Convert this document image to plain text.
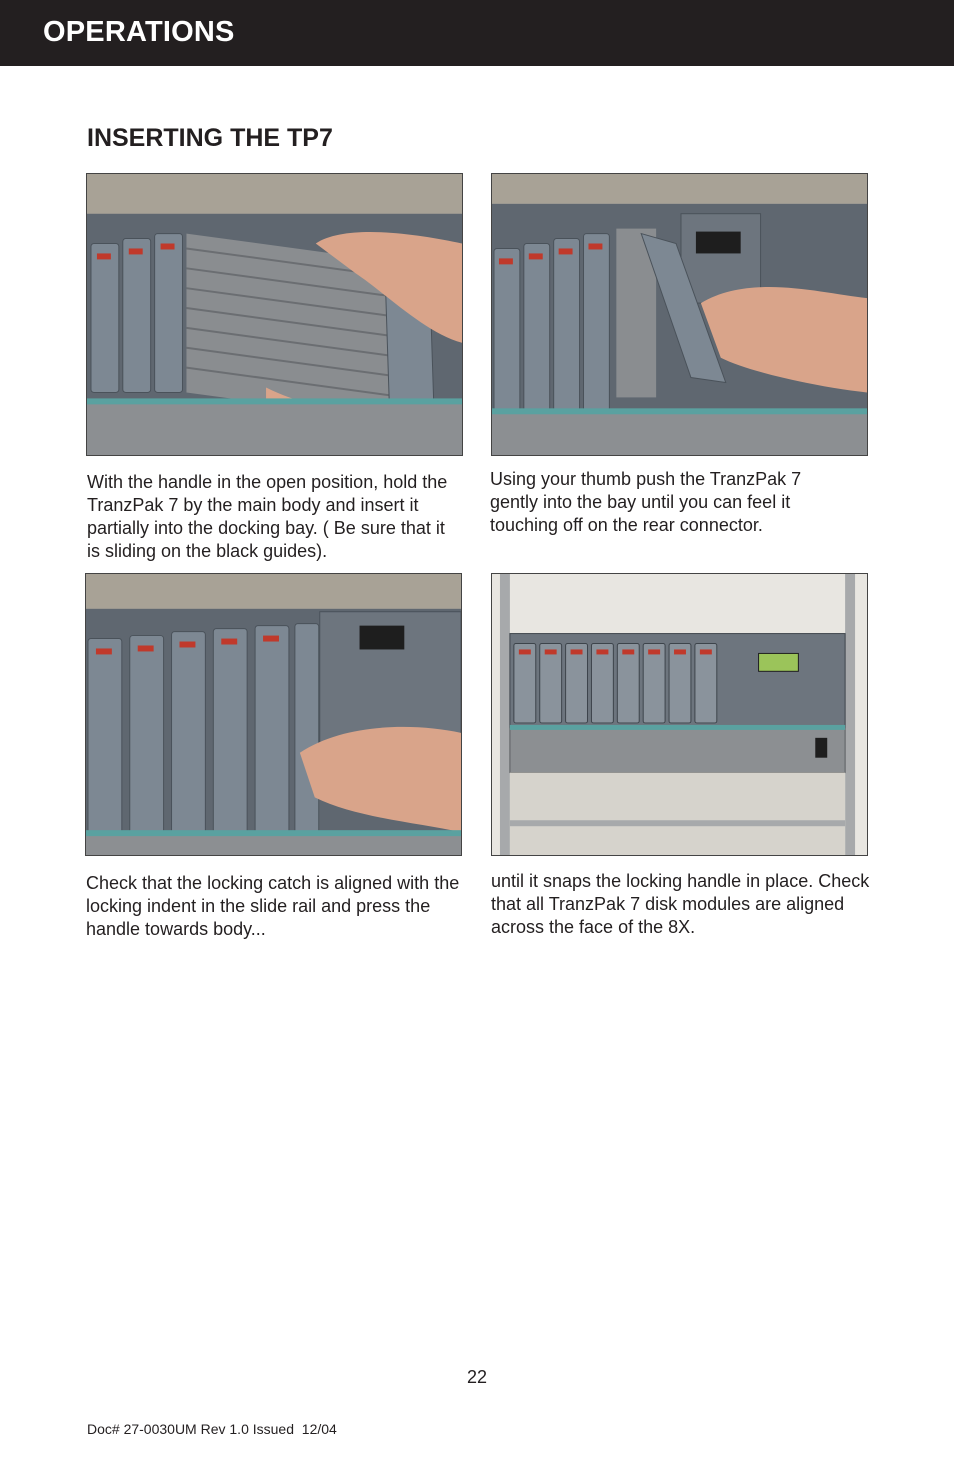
OPERATIONS
INSERTING THE TP7
With the handle in the open position, hold the TranzPak 7 by the main body and insert it partially into the docking bay. ( Be sure that it is sliding on the black guides).
Using your thumb push the TranzPak 7 gently into the bay until you can feel it touching off on the rear connector.
Check that the locking catch is aligned with the locking indent in the slide rail and press the handle towards body...
until it snaps the locking handle in place. Check that all TranzPak 7 disk modules are aligned across the face of the 8X.
22
Doc# 27-0030UM Rev 1.0 Issued  12/04
